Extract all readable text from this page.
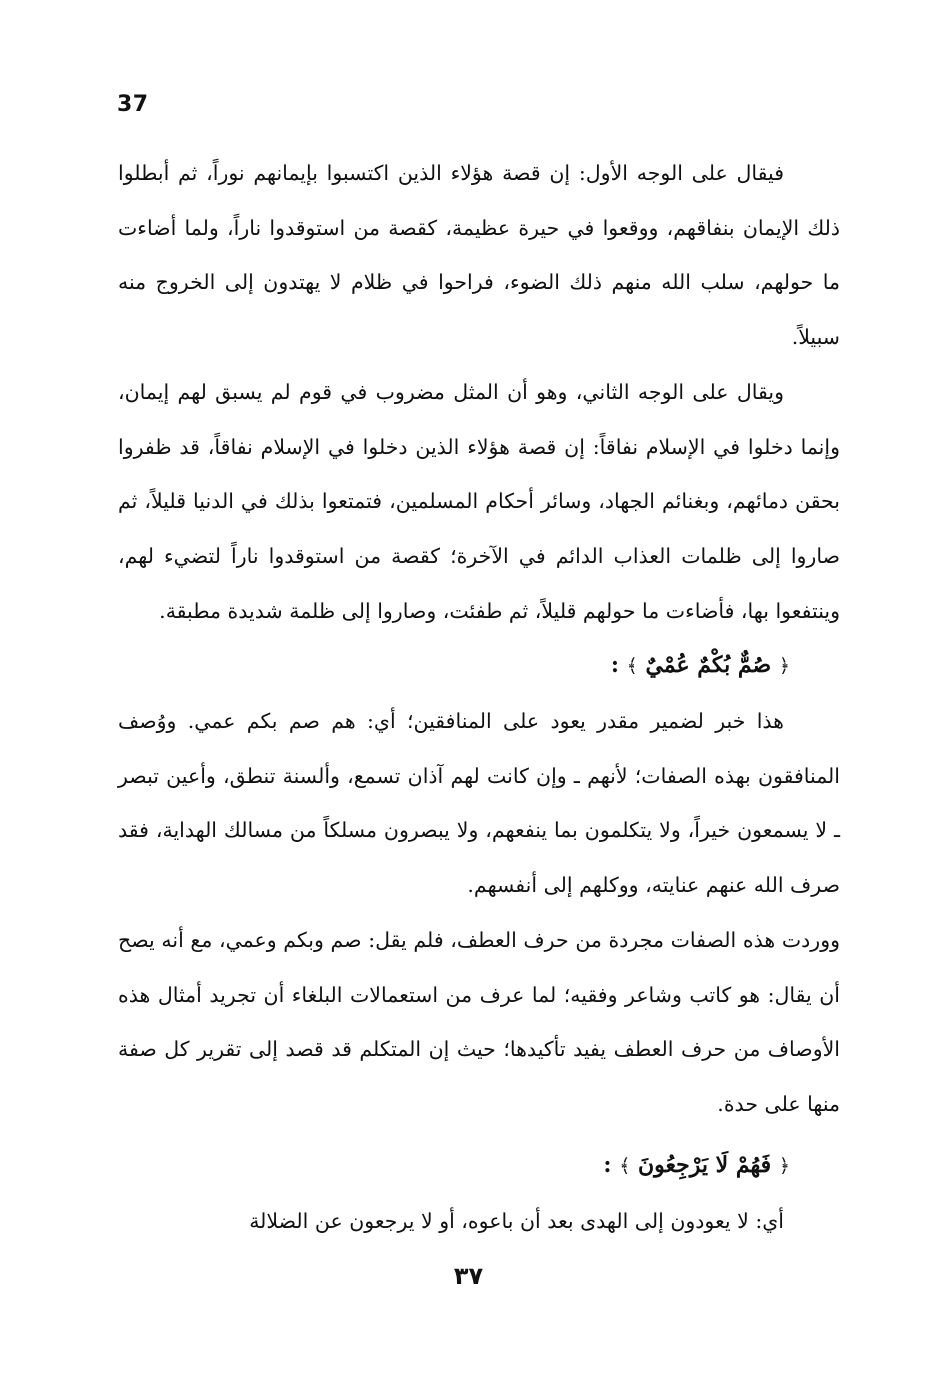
37

فيقال على الوجه الأول: إن قصة هؤلاء الذين اكتسبوا بإيمانهم نوراً، ثم أبطلوا ذلك الإيمان بنفاقهم، ووقعوا في حيرة عظيمة، كقصة من استوقدوا ناراً، ولما أضاءت ما حولهم، سلب الله منهم ذلك الضوء، فراحوا في ظلام لا يهتدون إلى الخروج منه سبيلاً.

ويقال على الوجه الثاني، وهو أن المثل مضروب في قوم لم يسبق لهم إيمان، وإنما دخلوا في الإسلام نفاقاً: إن قصة هؤلاء الذين دخلوا في الإسلام نفاقاً، قد ظفروا بحقن دمائهم، وبغنائم الجهاد، وسائر أحكام المسلمين، فتمتعوا بذلك في الدنيا قليلاً، ثم صاروا إلى ظلمات العذاب الدائم في الآخرة؛ كقصة من استوقدوا ناراً لتضيء لهم، وينتفعوا بها، فأضاءت ما حولهم قليلاً، ثم طفئت، وصاروا إلى ظلمة شديدة مطبقة.

﴿ صُمٌّ بُكْمٌ عُمْيٌ ﴾ :

هذا خبر لضمير مقدر يعود على المنافقين؛ أي: هم صم بكم عمي. ووُصف المنافقون بهذه الصفات؛ لأنهم ـ وإن كانت لهم آذان تسمع، وألسنة تنطق، وأعين تبصر ـ لا يسمعون خيراً، ولا يتكلمون بما ينفعهم، ولا يبصرون مسلكاً من مسالك الهداية، فقد صرف الله عنهم عنايته، ووكلهم إلى أنفسهم.

ووردت هذه الصفات مجردة من حرف العطف، فلم يقل: صم وبكم وعمي، مع أنه يصح أن يقال: هو كاتب وشاعر وفقيه؛ لما عرف من استعمالات البلغاء أن تجريد أمثال هذه الأوصاف من حرف العطف يفيد تأكيدها؛ حيث إن المتكلم قد قصد إلى تقرير كل صفة منها على حدة.

﴿ فَهُمْ لَا يَرْجِعُونَ ﴾ :

أي: لا يعودون إلى الهدى بعد أن باعوه، أو لا يرجعون عن الضلالة

٣٧
